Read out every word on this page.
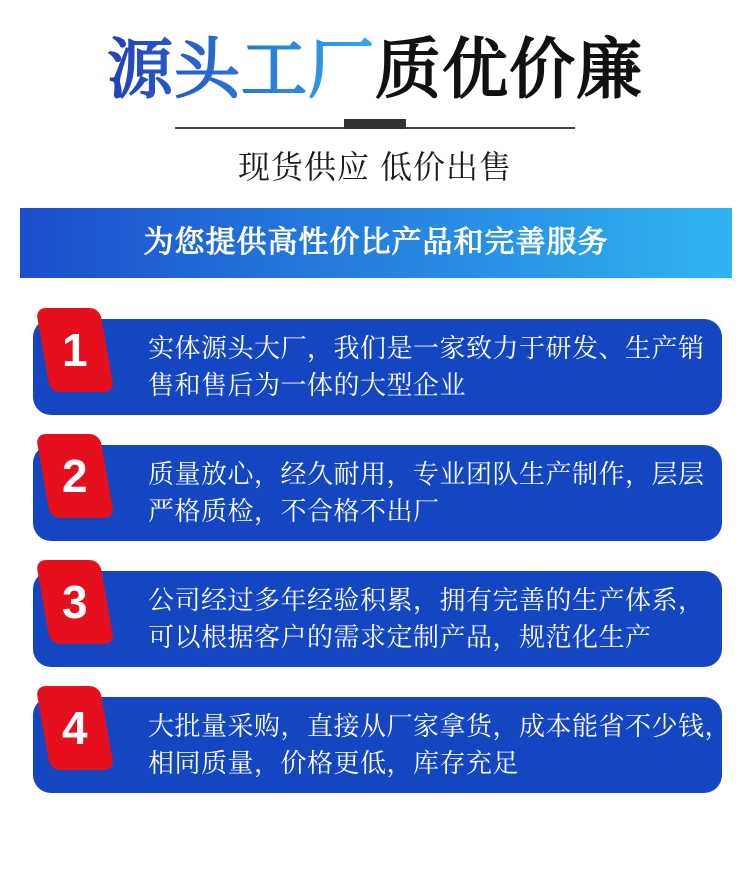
源头工厂质优价廉
现货供应 低价出售
为您提供高性价比产品和完善服务
实体源头大厂，我们是一家致力于研发、生产销
售和售后为一体的大型企业
1
质量放心，经久耐用，专业团队生产制作，层层
严格质检，不合格不出厂
2
公司经过多年经验积累，拥有完善的生产体系，
可以根据客户的需求定制产品，规范化生产
3
大批量采购，直接从厂家拿货，成本能省不少钱，
相同质量，价格更低，库存充足
4
